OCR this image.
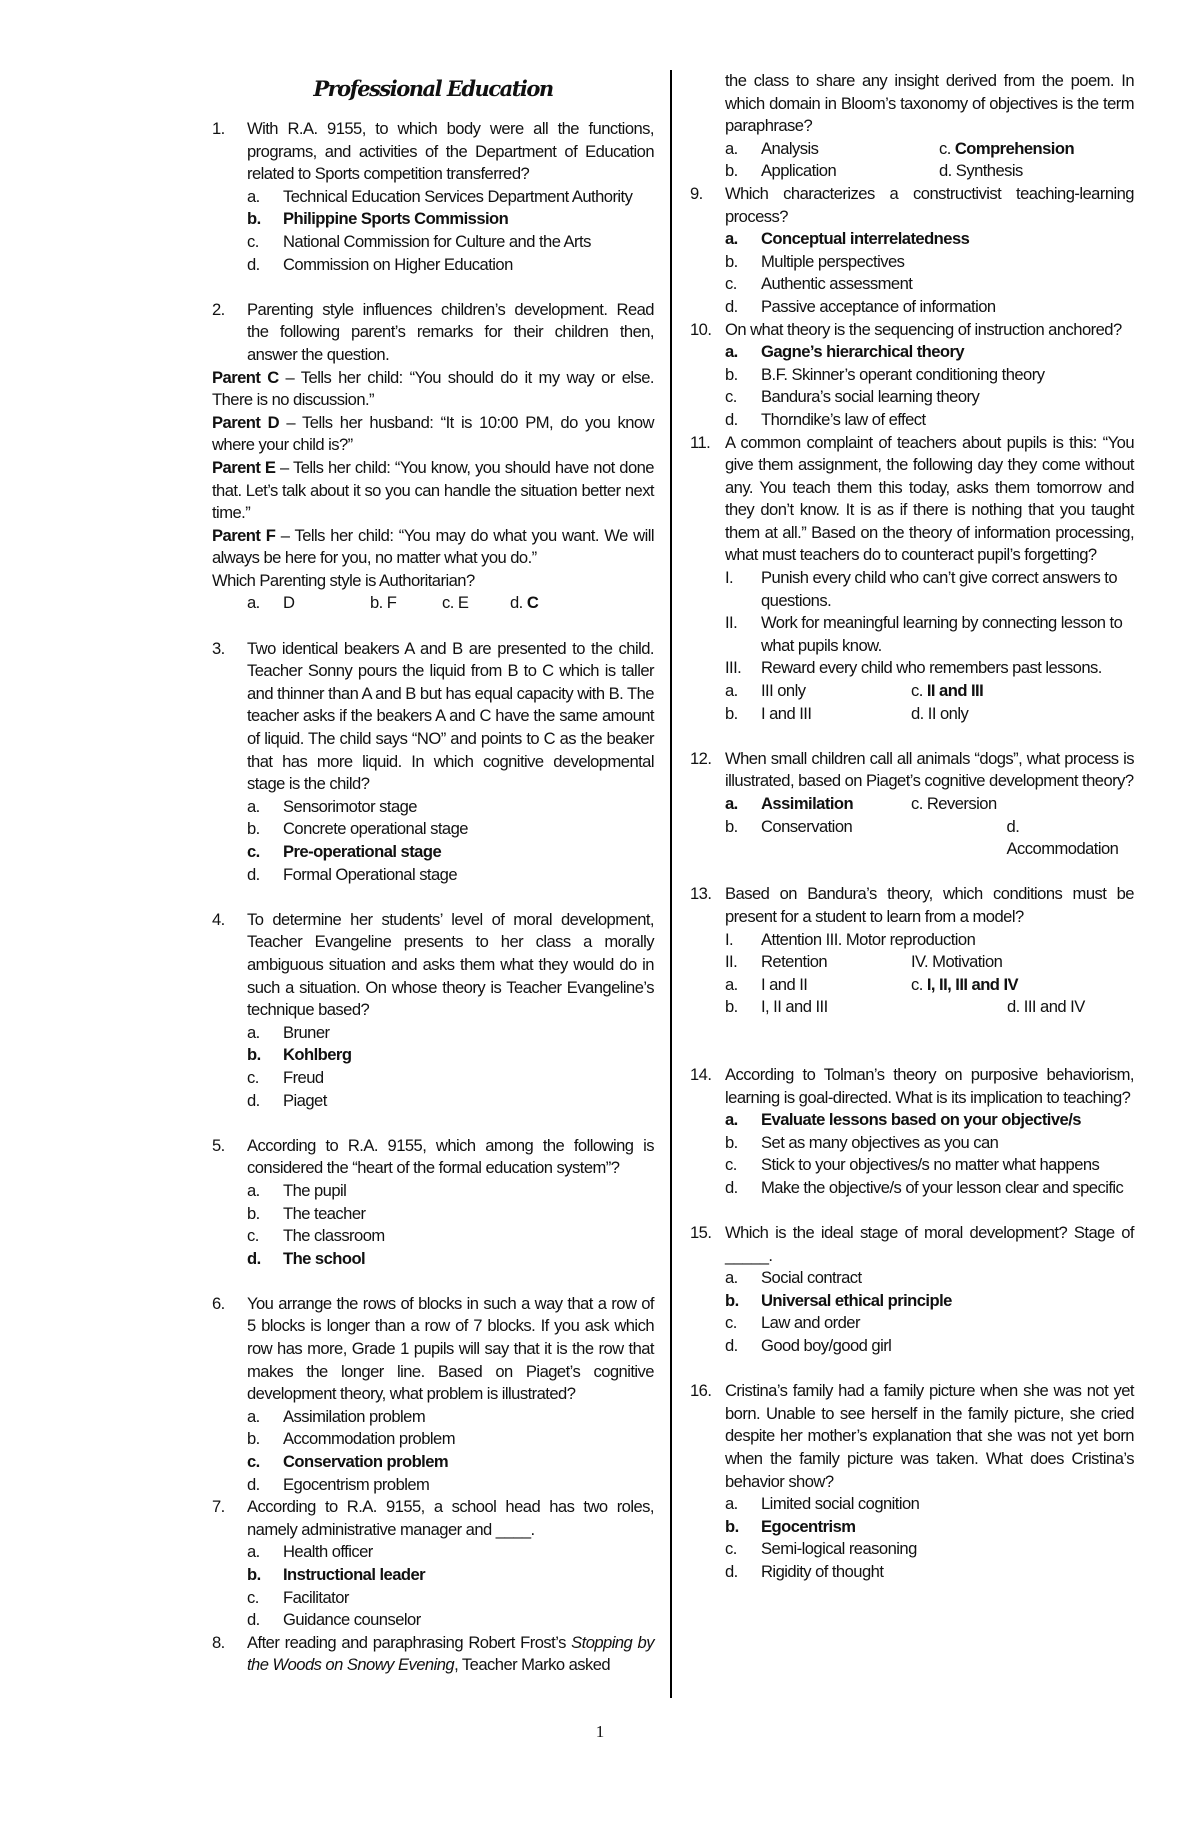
Professional Education
1. With R.A. 9155, to which body were all the functions, programs, and activities of the Department of Education related to Sports competition transferred?

a. Technical Education Services Department Authority
b. Philippine Sports Commission
c. National Commission for Culture and the Arts
d. Commission on Higher Education
2. Parenting style influences children’s development. Read the following parent’s remarks for their children then, answer the question.

Parent C – Tells her child: “You should do it my way or else. There is no discussion.”

Parent D – Tells her husband: “It is 10:00 PM, do you know where your child is?”

Parent E – Tells her child: “You know, you should have not done that. Let’s talk about it so you can handle the situation better next time.”

Parent F – Tells her child: “You may do what you want. We will always be here for you, no matter what you do.”

Which Parenting style is Authoritarian?

a.	D	b. F	c. E	d. C
3. Two identical beakers A and B are presented to the child. Teacher Sonny pours the liquid from B to C which is taller and thinner than A and B but has equal capacity with B. The teacher asks if the beakers A and C have the same amount of liquid. The child says “NO” and points to C as the beaker that has more liquid. In which cognitive developmental stage is the child?

a. Sensorimotor stage
b. Concrete operational stage
c. Pre-operational stage
d. Formal Operational stage
4. To determine her students’ level of moral development, Teacher Evangeline presents to her class a morally ambiguous situation and asks them what they would do in such a situation. On whose theory is Teacher Evangeline’s technique based?

a. Bruner
b. Kohlberg
c. Freud
d. Piaget
5. According to R.A. 9155, which among the following is considered the “heart of the formal education system”?

a. The pupil
b. The teacher
c. The classroom
d. The school
6. You arrange the rows of blocks in such a way that a row of 5 blocks is longer than a row of 7 blocks. If you ask which row has more, Grade 1 pupils will say that it is the row that makes the longer line. Based on Piaget’s cognitive development theory, what problem is illustrated?

a. Assimilation problem
b. Accommodation problem
c. Conservation problem
d. Egocentrism problem
7. According to R.A. 9155, a school head has two roles, namely administrative manager and ____.

a. Health officer
b. Instructional leader
c. Facilitator
d. Guidance counselor
8. After reading and paraphrasing Robert Frost’s Stopping by the Woods on Snowy Evening, Teacher Marko asked

the class to share any insight derived from the poem. In which domain in Bloom’s taxonomy of objectives is the term paraphrase?

a. Analysis	c. Comprehension
b. Application	d. Synthesis
9. Which characterizes a constructivist teaching-learning process?

a. Conceptual interrelatedness
b. Multiple perspectives
c. Authentic assessment
d. Passive acceptance of information
10. On what theory is the sequencing of instruction anchored?

a. Gagne’s hierarchical theory
b. B.F. Skinner’s operant conditioning theory
c. Bandura’s social learning theory
d. Thorndike’s law of effect
11. A common complaint of teachers about pupils is this: “You give them assignment, the following day they come without any. You teach them this today, asks them tomorrow and they don’t know. It is as if there is nothing that you taught them at all.” Based on the theory of information processing, what must teachers do to counteract pupil’s forgetting?

I. Punish every child who can’t give correct answers to questions.
II. Work for meaningful learning by connecting lesson to what pupils know.
III. Reward every child who remembers past lessons.
a. III only	c. II and III
b. I and III	d. II only
12. When small children call all animals “dogs”, what process is illustrated, based on Piaget’s cognitive development theory?

a. Assimilation	c. Reversion
b. Conservation	d. Accommodation
13. Based on Bandura’s theory, which conditions must be present for a student to learn from a model?

I. Attention III. Motor reproduction
II. Retention	IV. Motivation
a. I and II	c. I, II, III and IV
b. I, II and III	d. III and IV
14. According to Tolman’s theory on purposive behaviorism, learning is goal-directed. What is its implication to teaching?

a. Evaluate lessons based on your objective/s
b. Set as many objectives as you can
c. Stick to your objectives/s no matter what happens
d. Make the objective/s of your lesson clear and specific
15. Which is the ideal stage of moral development? Stage of _____.

a. Social contract
b. Universal ethical principle
c. Law and order
d. Good boy/good girl
16. Cristina’s family had a family picture when she was not yet born. Unable to see herself in the family picture, she cried despite her mother’s explanation that she was not yet born when the family picture was taken. What does Cristina’s behavior show?

a. Limited social cognition
b. Egocentrism
c. Semi-logical reasoning
d. Rigidity of thought
1
